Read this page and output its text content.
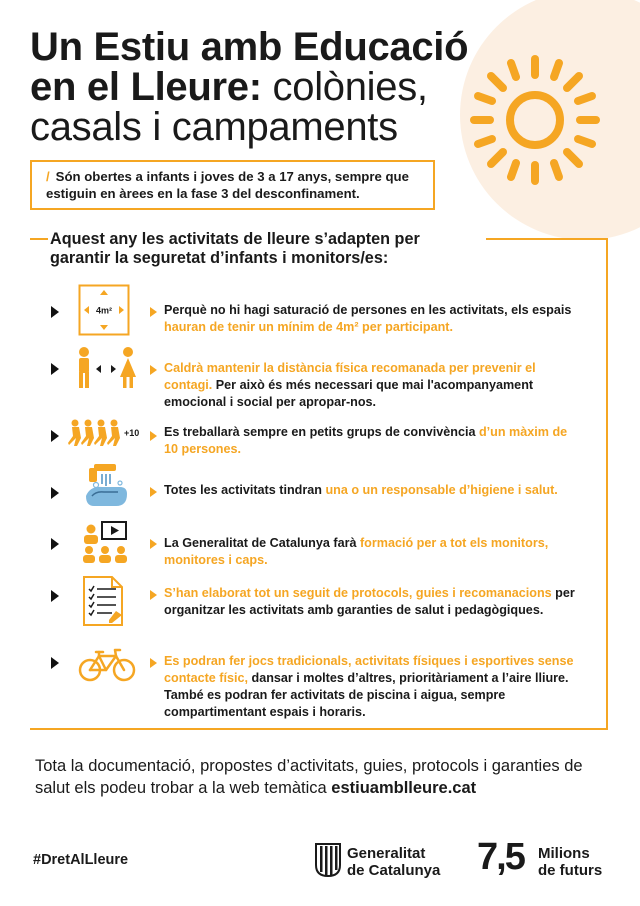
Un Estiu amb Educació
en el Lleure: colònies,
casals i campaments
/ Són obertes a infants i joves de 3 a 17 anys, sempre que estiguin en àrees en la fase 3 del desconfinament.
Aquest any les activitats de lleure s’adapten per garantir la seguretat d’infants i monitors/es:
4m²	Perquè no hi hagi saturació de persones en les activitats, els espais hauran de tenir un mínim de 4m² per participant.
Caldrà mantenir la distància física recomanada per prevenir el contagi. Per això és més necessari que mai l'acompanyament emocional i social per apropar-nos.
+10 Es treballarà sempre en petits grups de convivència d’un màxim de 10 persones.
Totes les activitats tindran una o un responsable d’higiene i salut.
La Generalitat de Catalunya farà formació per a tot els monitors, monitores i caps.
S’han elaborat tot un seguit de protocols, guies i recomanacions per organitzar les activitats amb garanties de salut i pedagògiques.
Es podran fer jocs tradicionals, activitats físiques i esportives sense contacte físic, dansar i moltes d’altres, prioritàriament a l’aire lliure. També es podran fer activitats de piscina i aigua, sempre compartimentant espais i horaris.
Tota la documentació, propostes d’activitats, guies, protocols i garanties de salut els podeu trobar a la web temàtica estiuamblleure.cat
#DretAlLleure	Generalitat
de Catalunya 7,5 Milions
de futurs
